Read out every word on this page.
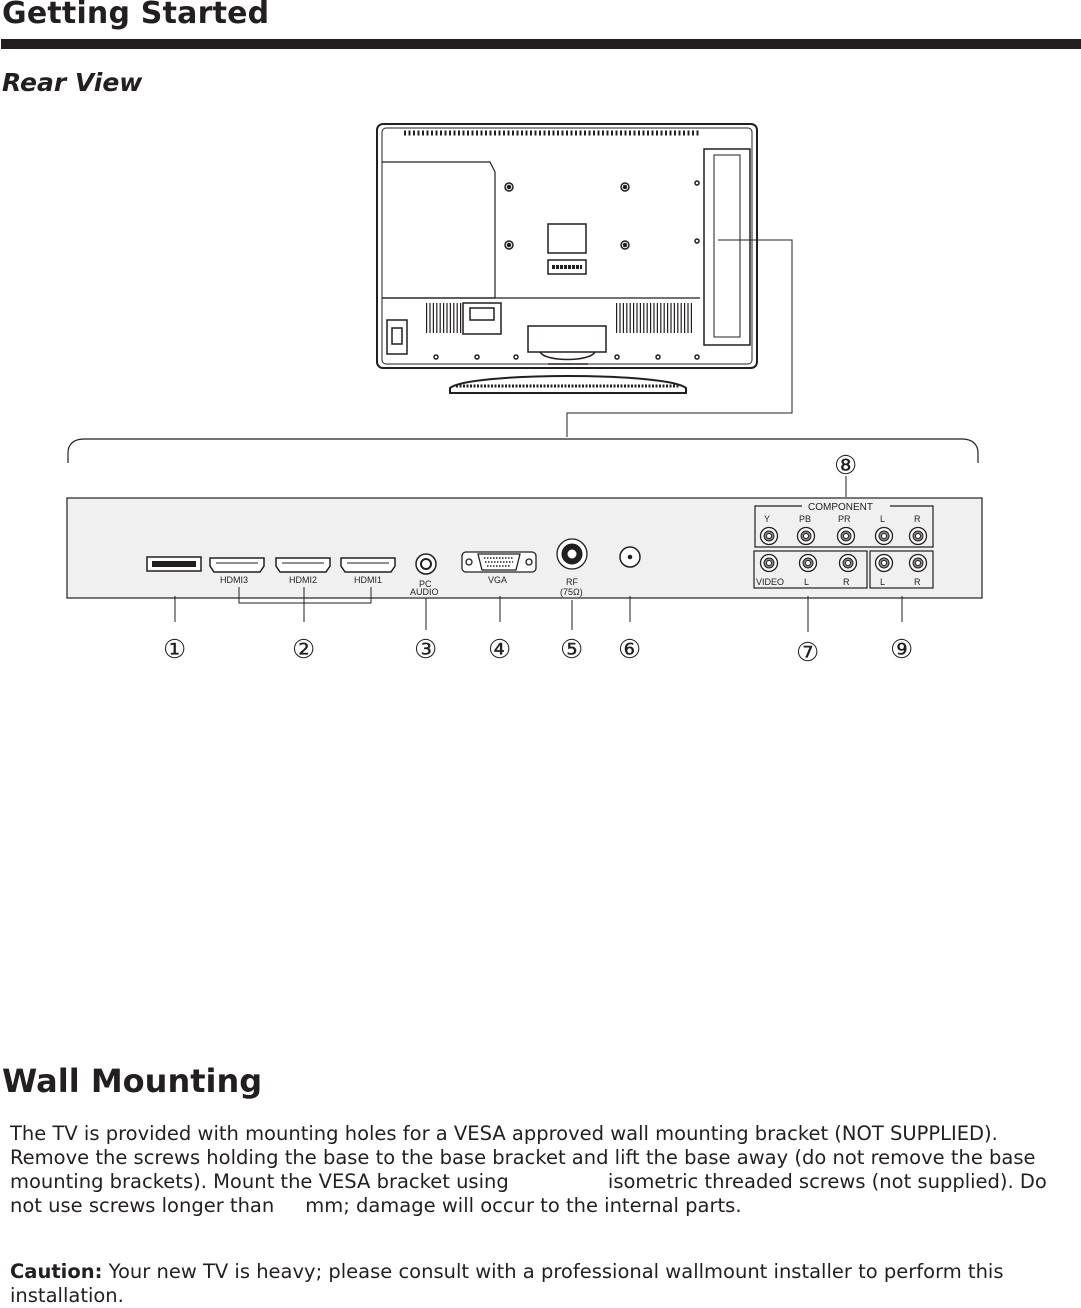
Getting Started
Rear View
HDMI3	HDMI2	HDMI1	PC
AUDIO
VGA	RF
(75Ω)
COMPONENT
Y	PB	PR	L	R
VIDEO L	R	L	R
①	②	③ ④ ⑤ ⑥	⑦
⑧
⑨
Wall Mounting
The TV is provided with mounting holes for a VESA approved wall mounting bracket (NOT SUPPLIED). Remove the screws holding the base to the base bracket and lift the base away (do not remove the base mounting brackets). Mount the VESA bracket using                isometric threaded screws (not supplied). Do not use screws longer than     mm; damage will occur to the internal parts.
Caution: Your new TV is heavy; please consult with a professional wallmount installer to perform this installation.
